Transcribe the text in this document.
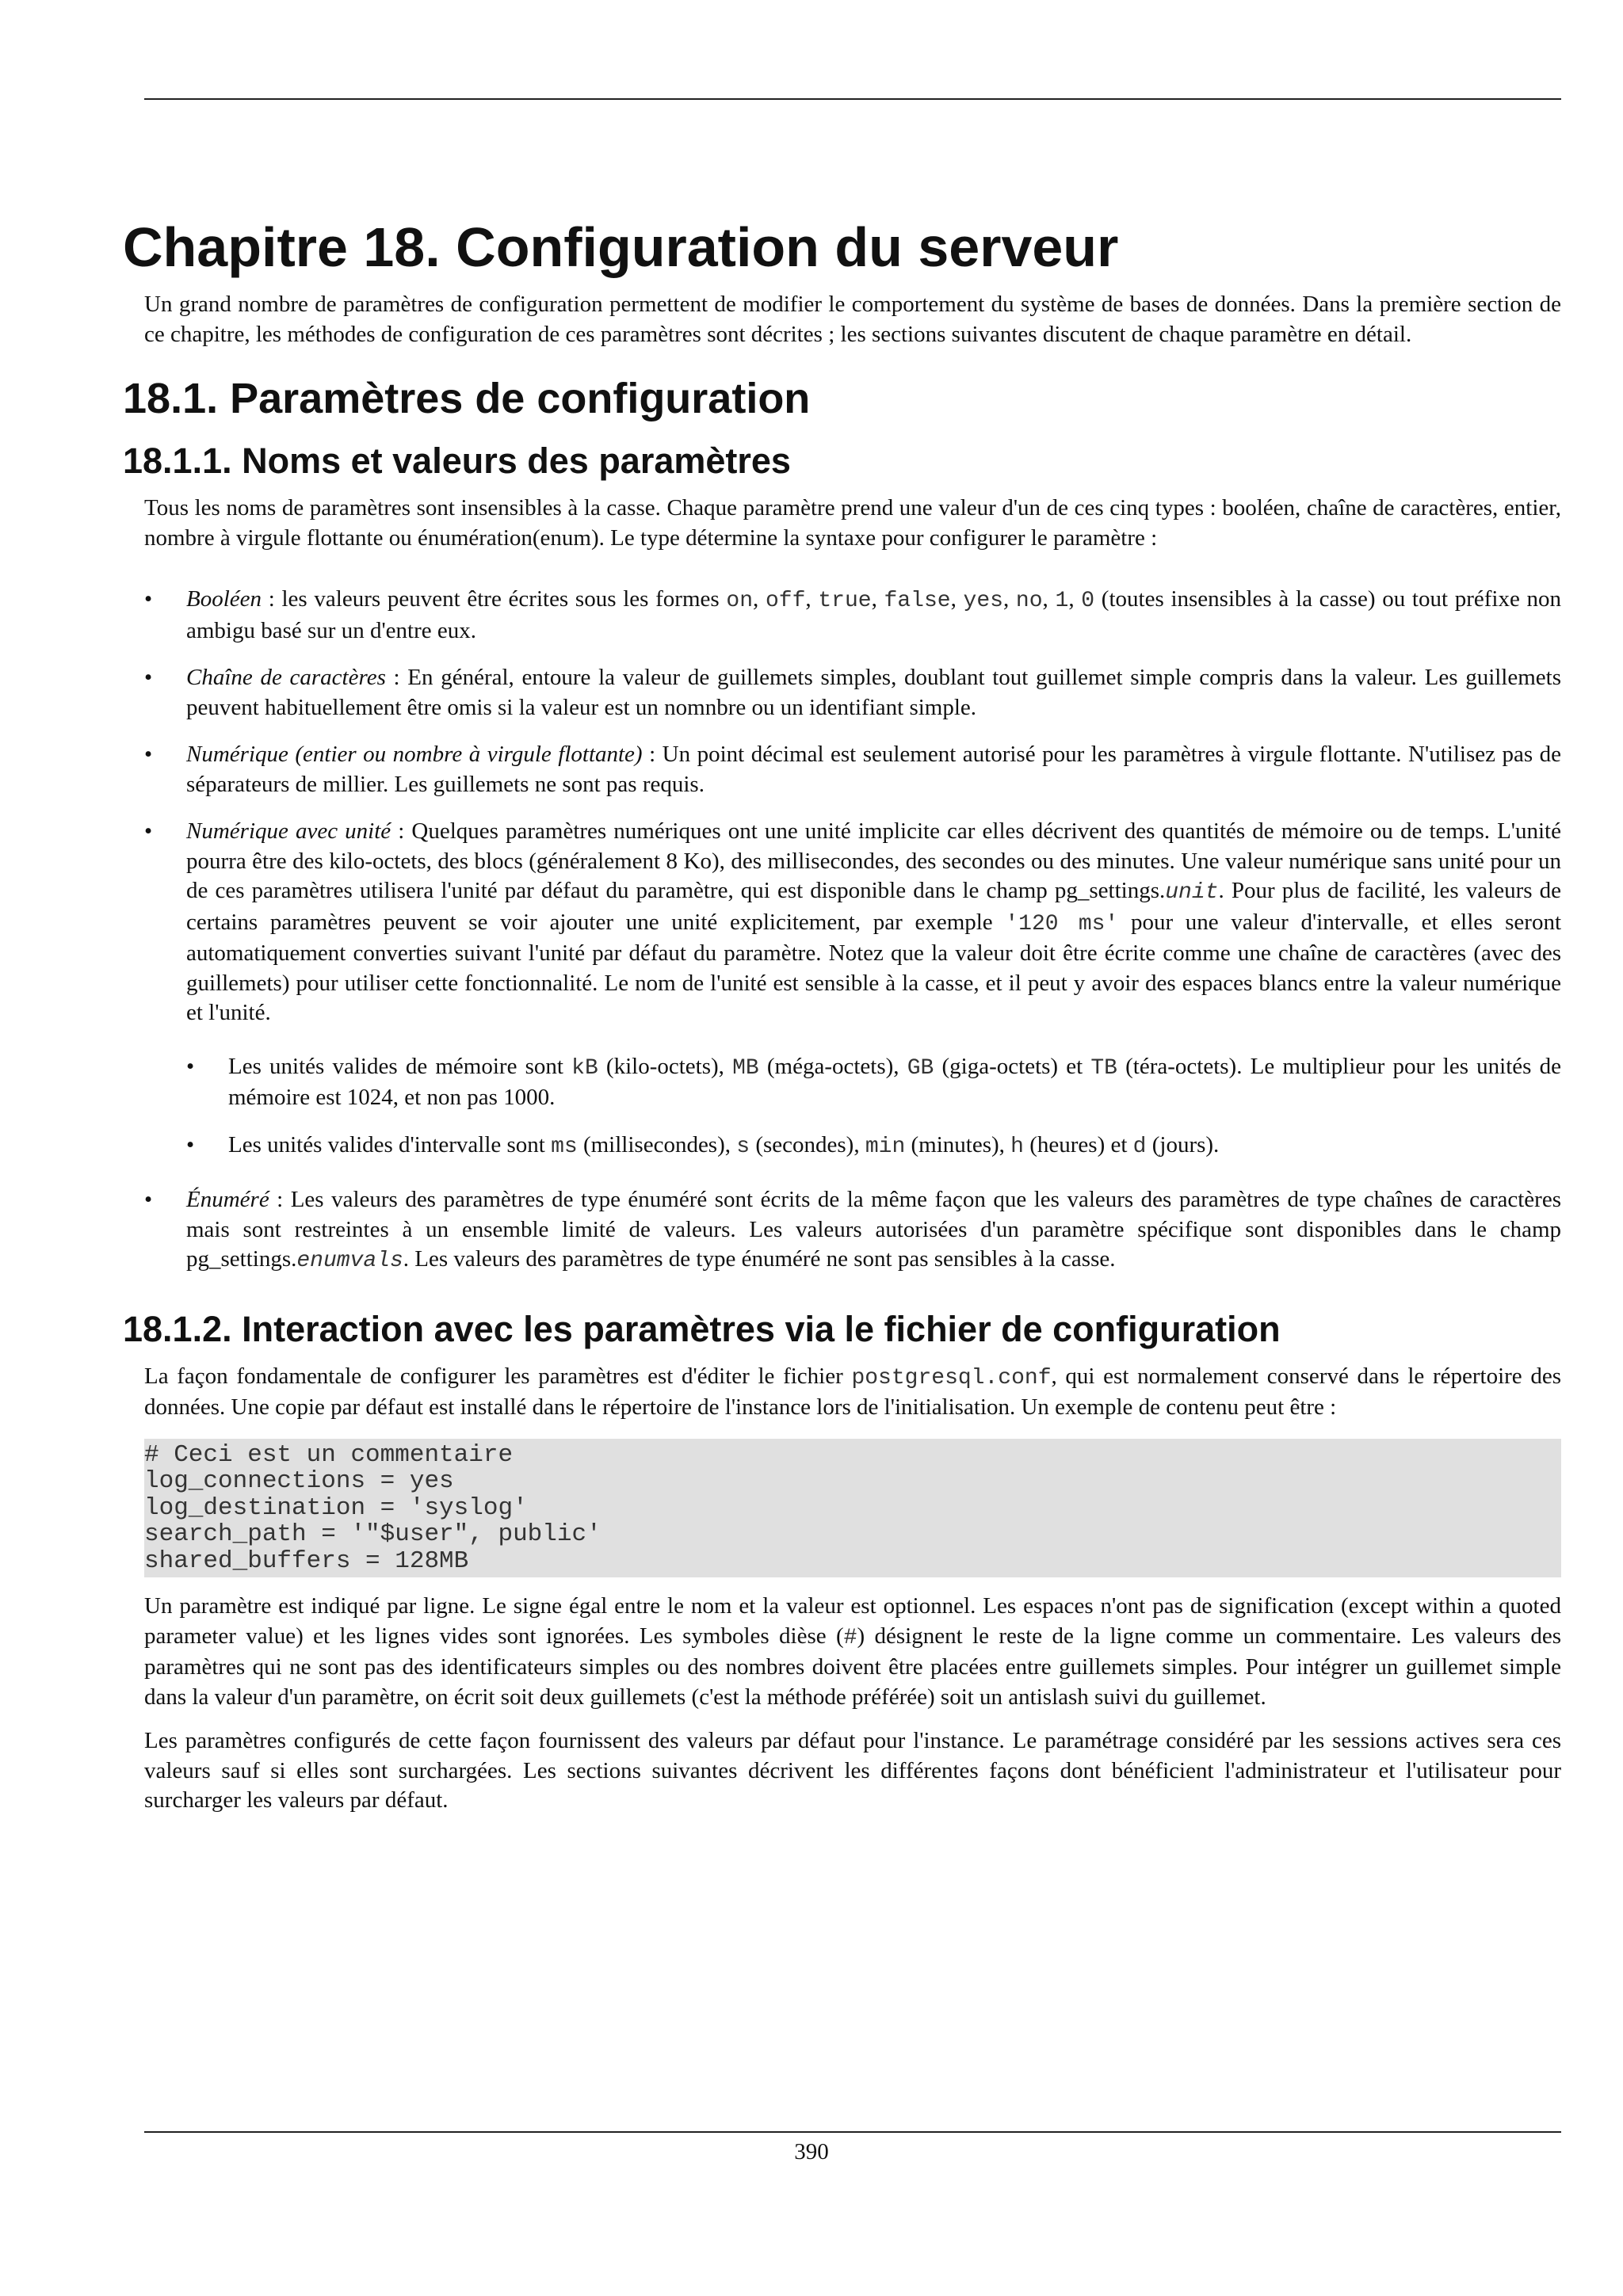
Chapitre 18. Configuration du serveur

Un grand nombre de paramètres de configuration permettent de modifier le comportement du système de bases de données. Dans la première section de ce chapitre, les méthodes de configuration de ces paramètres sont décrites ; les sections suivantes discutent de chaque paramètre en détail.

18.1. Paramètres de configuration
18.1.1. Noms et valeurs des paramètres

Tous les noms de paramètres sont insensibles à la casse. Chaque paramètre prend une valeur d'un de ces cinq types : booléen, chaîne de caractères, entier, nombre à virgule flottante ou énumération(enum). Le type détermine la syntaxe pour configurer le paramètre :

• Booléen : les valeurs peuvent être écrites sous les formes on, off, true, false, yes, no, 1, 0 (toutes insensibles à la casse) ou tout préfixe non ambigu basé sur un d'entre eux.
• Chaîne de caractères : En général, entoure la valeur de guillemets simples, doublant tout guillemet simple compris dans la valeur. Les guillemets peuvent habituellement être omis si la valeur est un nomnbre ou un identifiant simple.
• Numérique (entier ou nombre à virgule flottante) : Un point décimal est seulement autorisé pour les paramètres à virgule flottante. N'utilisez pas de séparateurs de millier. Les guillemets ne sont pas requis.
• Numérique avec unité : Quelques paramètres numériques ont une unité implicite car elles décrivent des quantités de mémoire ou de temps. L'unité pourra être des kilo-octets, des blocs (généralement 8 Ko), des millisecondes, des secondes ou des minutes. Une valeur numérique sans unité pour un de ces paramètres utilisera l'unité par défaut du paramètre, qui est disponible dans le champ pg_settings.unit. Pour plus de facilité, les valeurs de certains paramètres peuvent se voir ajouter une unité explicitement, par exemple '120 ms' pour une valeur d'intervalle, et elles seront automatiquement converties suivant l'unité par défaut du paramètre. Notez que la valeur doit être écrite comme une chaîne de caractères (avec des guillemets) pour utiliser cette fonctionnalité. Le nom de l'unité est sensible à la casse, et il peut y avoir des espaces blancs entre la valeur numérique et l'unité.
• Les unités valides de mémoire sont kB (kilo-octets), MB (méga-octets), GB (giga-octets) et TB (téra-octets). Le multiplieur pour les unités de mémoire est 1024, et non pas 1000.
• Les unités valides d'intervalle sont ms (millisecondes), s (secondes), min (minutes), h (heures) et d (jours).
• Énuméré : Les valeurs des paramètres de type énuméré sont écrits de la même façon que les valeurs des paramètres de type chaînes de caractères mais sont restreintes à un ensemble limité de valeurs. Les valeurs autorisées d'un paramètre spécifique sont disponibles dans le champ pg_settings.enumvals. Les valeurs des paramètres de type énuméré ne sont pas sensibles à la casse.
18.1.2. Interaction avec les paramètres via le fichier de configuration

La façon fondamentale de configurer les paramètres est d'éditer le fichier postgresql.conf, qui est normalement conservé dans le répertoire des données. Une copie par défaut est installé dans le répertoire de l'instance lors de l'initialisation. Un exemple de contenu peut être :

# Ceci est un commentaire
log_connections = yes
log_destination = 'syslog'
search_path = '"$user", public'
shared_buffers = 128MB

Un paramètre est indiqué par ligne. Le signe égal entre le nom et la valeur est optionnel. Les espaces n'ont pas de signification (except within a quoted parameter value) et les lignes vides sont ignorées. Les symboles dièse (#) désignent le reste de la ligne comme un commentaire. Les valeurs des paramètres qui ne sont pas des identificateurs simples ou des nombres doivent être placées entre guillemets simples. Pour intégrer un guillemet simple dans la valeur d'un paramètre, on écrit soit deux guillemets (c'est la méthode préférée) soit un antislash suivi du guillemet.

Les paramètres configurés de cette façon fournissent des valeurs par défaut pour l'instance. Le paramétrage considéré par les sessions actives sera ces valeurs sauf si elles sont surchargées. Les sections suivantes décrivent les différentes façons dont bénéficient l'administrateur et l'utilisateur pour surcharger les valeurs par défaut.

390
